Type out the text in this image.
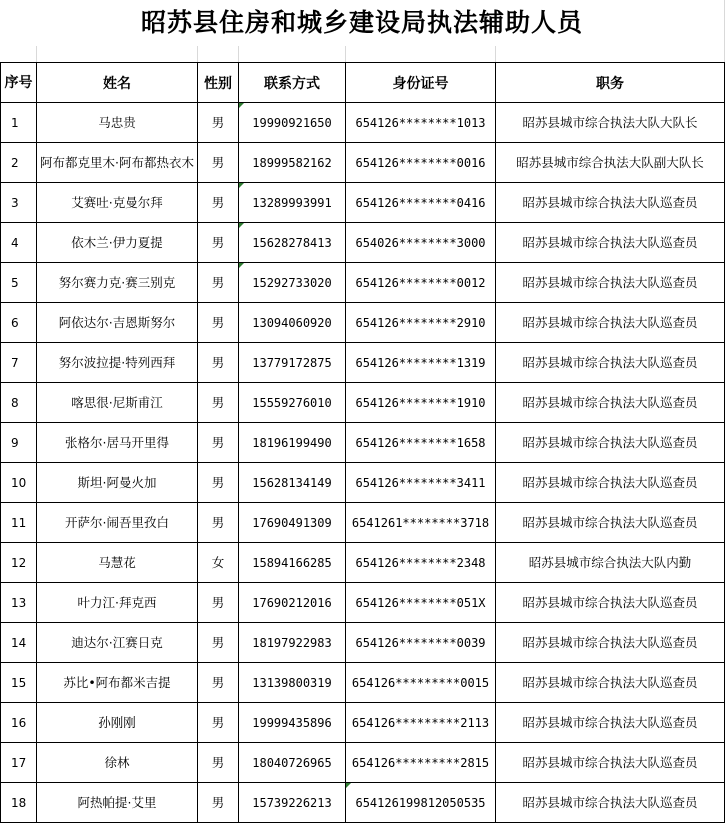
昭苏县住房和城乡建设局执法辅助人员
序号	姓名	性别	联系方式	身份证号	职务
1	马忠贵	男	19990921650	654126********1013	昭苏县城市综合执法大队大队长
2	阿布都克里木·阿布都热衣木	男	18999582162	654126********0016	昭苏县城市综合执法大队副大队长
3	艾赛吐·克曼尔拜	男	13289993991	654126********0416	昭苏县城市综合执法大队巡查员
4	依木兰·伊力夏提	男	15628278413	654026********3000	昭苏县城市综合执法大队巡查员
5	努尔赛力克·赛三别克	男	15292733020	654126********0012	昭苏县城市综合执法大队巡查员
6	阿依达尔·吉恩斯努尔	男	13094060920	654126********2910	昭苏县城市综合执法大队巡查员
7	努尔波拉提·特列西拜	男	13779172875	654126********1319	昭苏县城市综合执法大队巡查员
8	喀思很·尼斯甫江	男	15559276010	654126********1910	昭苏县城市综合执法大队巡查员
9	张格尔·居马开里得	男	18196199490	654126********1658	昭苏县城市综合执法大队巡查员
10	斯坦·阿曼火加	男	15628134149	654126********3411	昭苏县城市综合执法大队巡查员
11	开萨尔·闹吾里孜白	男	17690491309	6541261********3718	昭苏县城市综合执法大队巡查员
12	马慧花	女	15894166285	654126********2348	昭苏县城市综合执法大队内勤
13	叶力江·拜克西	男	17690212016	654126********051X	昭苏县城市综合执法大队巡查员
14	迪达尔·江赛日克	男	18197922983	654126********0039	昭苏县城市综合执法大队巡查员
15	苏比•阿布都米吉提	男	13139800319	654126*********0015	昭苏县城市综合执法大队巡查员
16	孙刚刚	男	19999435896	654126*********2113	昭苏县城市综合执法大队巡查员
17	徐林	男	18040726965	654126*********2815	昭苏县城市综合执法大队巡查员
18	阿热帕提·艾里	男	15739226213	654126199812050535	昭苏县城市综合执法大队巡查员
